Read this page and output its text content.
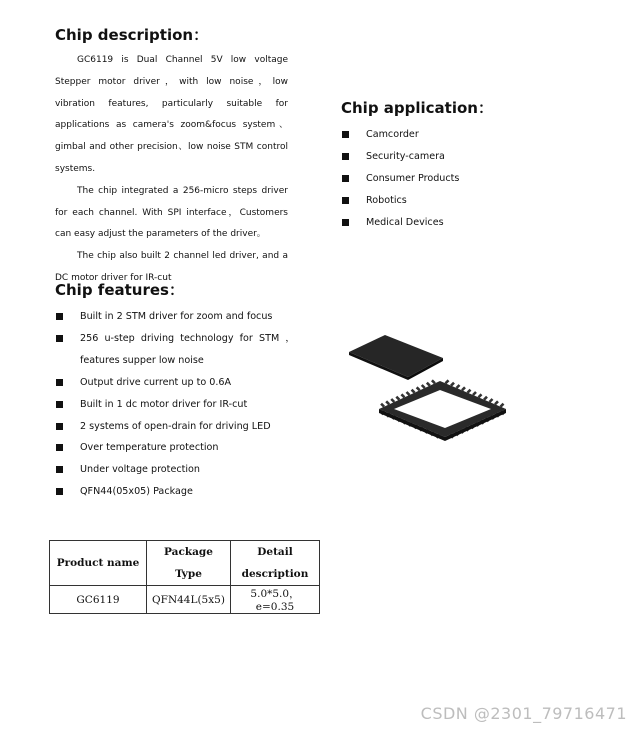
Chip description：

GC6119 is Dual Channel 5V low voltage Stepper motor driver，with low noise，low vibration features, particularly suitable for applications as camera's zoom&focus system、gimbal and other precision、low noise STM control systems.

The chip integrated a 256-micro steps driver for each channel. With SPI interface，Customers can easy adjust the parameters of the driver。

The chip also built 2 channel led driver, and a DC motor driver for IR-cut

Chip features：
Built in 2 STM driver for zoom and focus
256 u-step driving technology for STM ，features supper low noise
Output drive current up to 0.6A
Built in 1 dc motor driver for IR-cut
2 systems of open-drain for driving LED
Over temperature protection
Under voltage protection
QFN44(05x05) Package
Chip application：
Camcorder
Security-camera
Consumer Products
Robotics
Medical Devices
Product name	Package Type	Detail description
GC6119	QFN44L(5x5)	5.0*5.0，e=0.35
CSDN @2301_79716471
